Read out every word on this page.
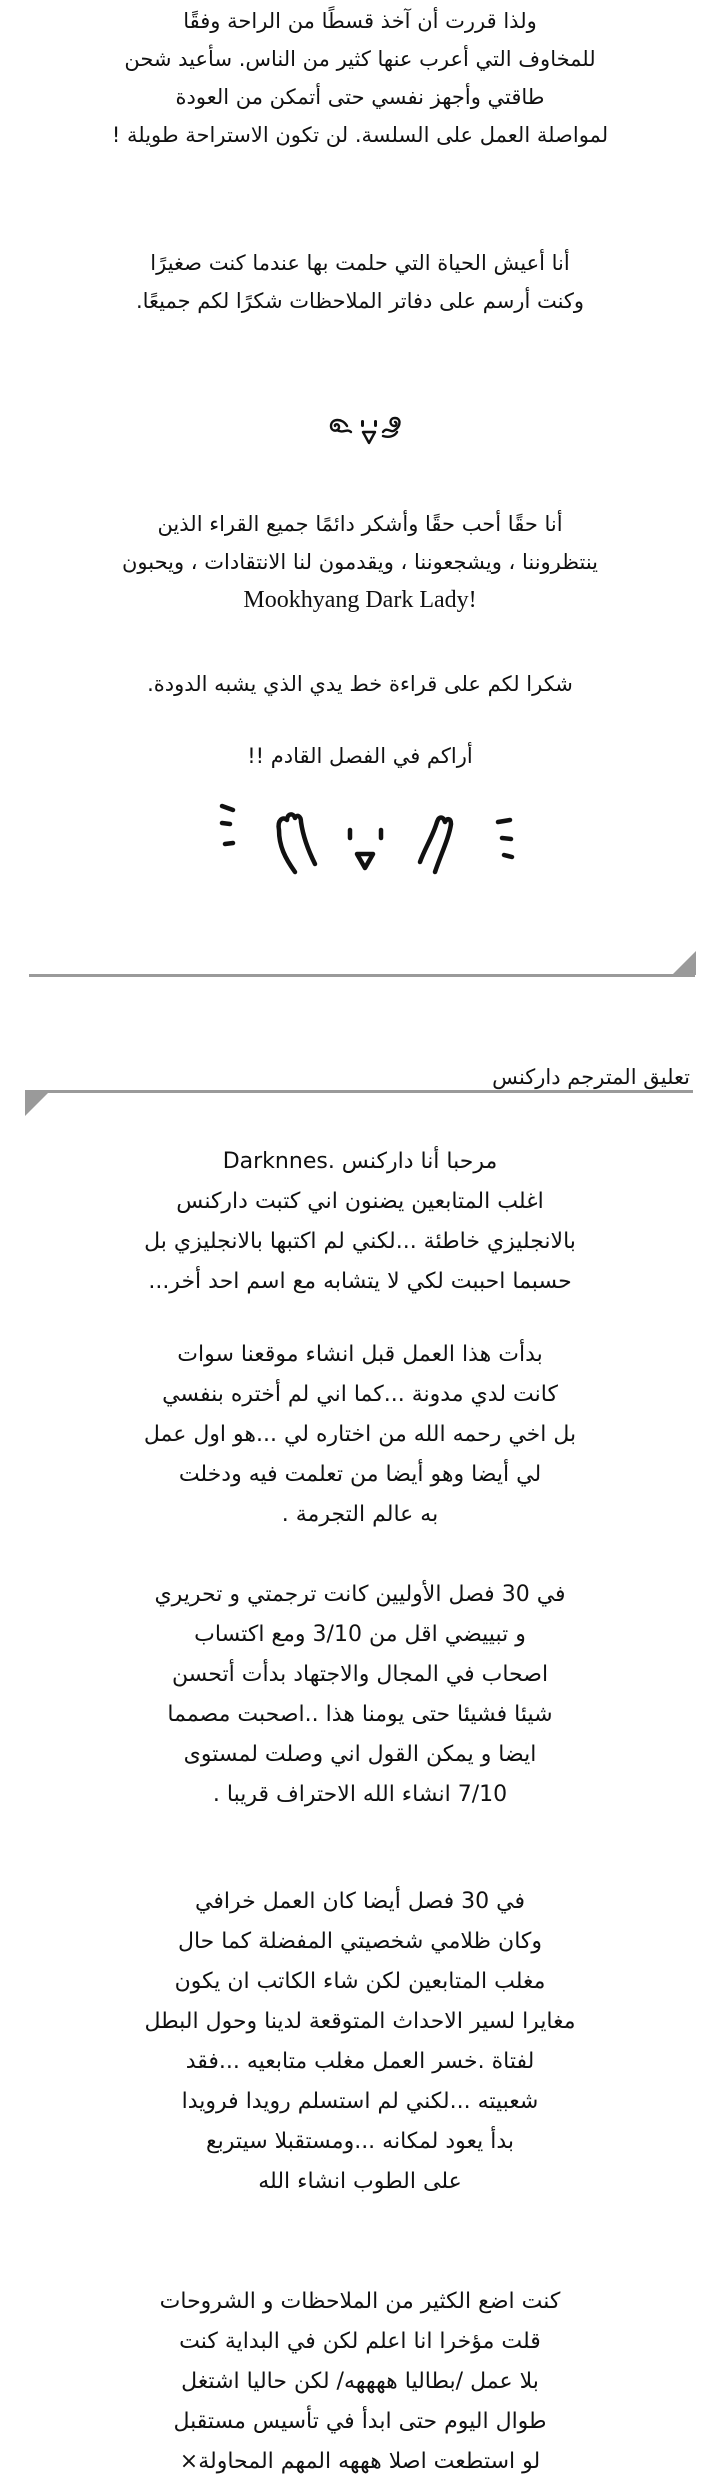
ولذا قررت أن آخذ قسطًا من الراحة وفقًا
للمخاوف التي أعرب عنها كثير من الناس. سأعيد شحن
طاقتي وأجهز نفسي حتى أتمكن من العودة
لمواصلة العمل على السلسة. لن تكون الاستراحة طويلة !
أنا أعيش الحياة التي حلمت بها عندما كنت صغيرًا
وكنت أرسم على دفاتر الملاحظات شكرًا لكم جميعًا.
أنا حقًا أحب حقًا وأشكر دائمًا جميع القراء الذين
ينتظروننا ، ويشجعوننا ، ويقدمون لنا الانتقادات ، ويحبون
Mookhyang Dark Lady!
شكرا لكم على قراءة خط يدي الذي يشبه الدودة.
أراكم في الفصل القادم !!
تعليق المترجم داركنس
مرحبا أنا داركنس .Darknnes
اغلب المتابعين يضنون اني كتبت داركنس
بالانجليزي خاطئة ...لكني لم اكتبها بالانجليزي بل
حسبما احببت لكي لا يتشابه مع اسم احد أخر...
بدأت هذا العمل قبل انشاء موقعنا سوات
كانت لدي مدونة ...كما اني لم أختره بنفسي
بل اخي رحمه الله من اختاره لي ...هو اول عمل
لي أيضا وهو أيضا من تعلمت فيه ودخلت
به عالم التجرمة .
في 30 فصل الأوليين كانت ترجمتي و تحريري
و تبييضي اقل من 3/10 ومع اكتساب
اصحاب في المجال والاجتهاد بدأت أتحسن
شيئا فشيئا حتى يومنا هذا ..اصحبت مصمما
ايضا و يمكن القول اني وصلت لمستوى
7/10 انشاء الله الاحتراف قريبا .
في 30 فصل أيضا كان العمل خرافي
وكان ظلامي شخصيتي المفضلة كما حال
مغلب المتابعين لكن شاء الكاتب ان يكون
مغايرا لسير الاحداث المتوقعة لدينا وحول البطل
لفتاة .خسر العمل مغلب متابعيه ...فقد
شعبيته ...لكني لم استسلم رويدا فرويدا
بدأ يعود لمكانه ...ومستقبلا سيتربع
على الطوب انشاء الله
كنت اضع الكثير من الملاحظات و الشروحات
قلت مؤخرا انا اعلم لكن في البداية كنت
بلا عمل /بطاليا ههههه/ لكن حاليا اشتغل
طوال اليوم حتى ابدأ في تأسيس مستقبل
لو استطعت اصلا هههه المهم المحاولة×
